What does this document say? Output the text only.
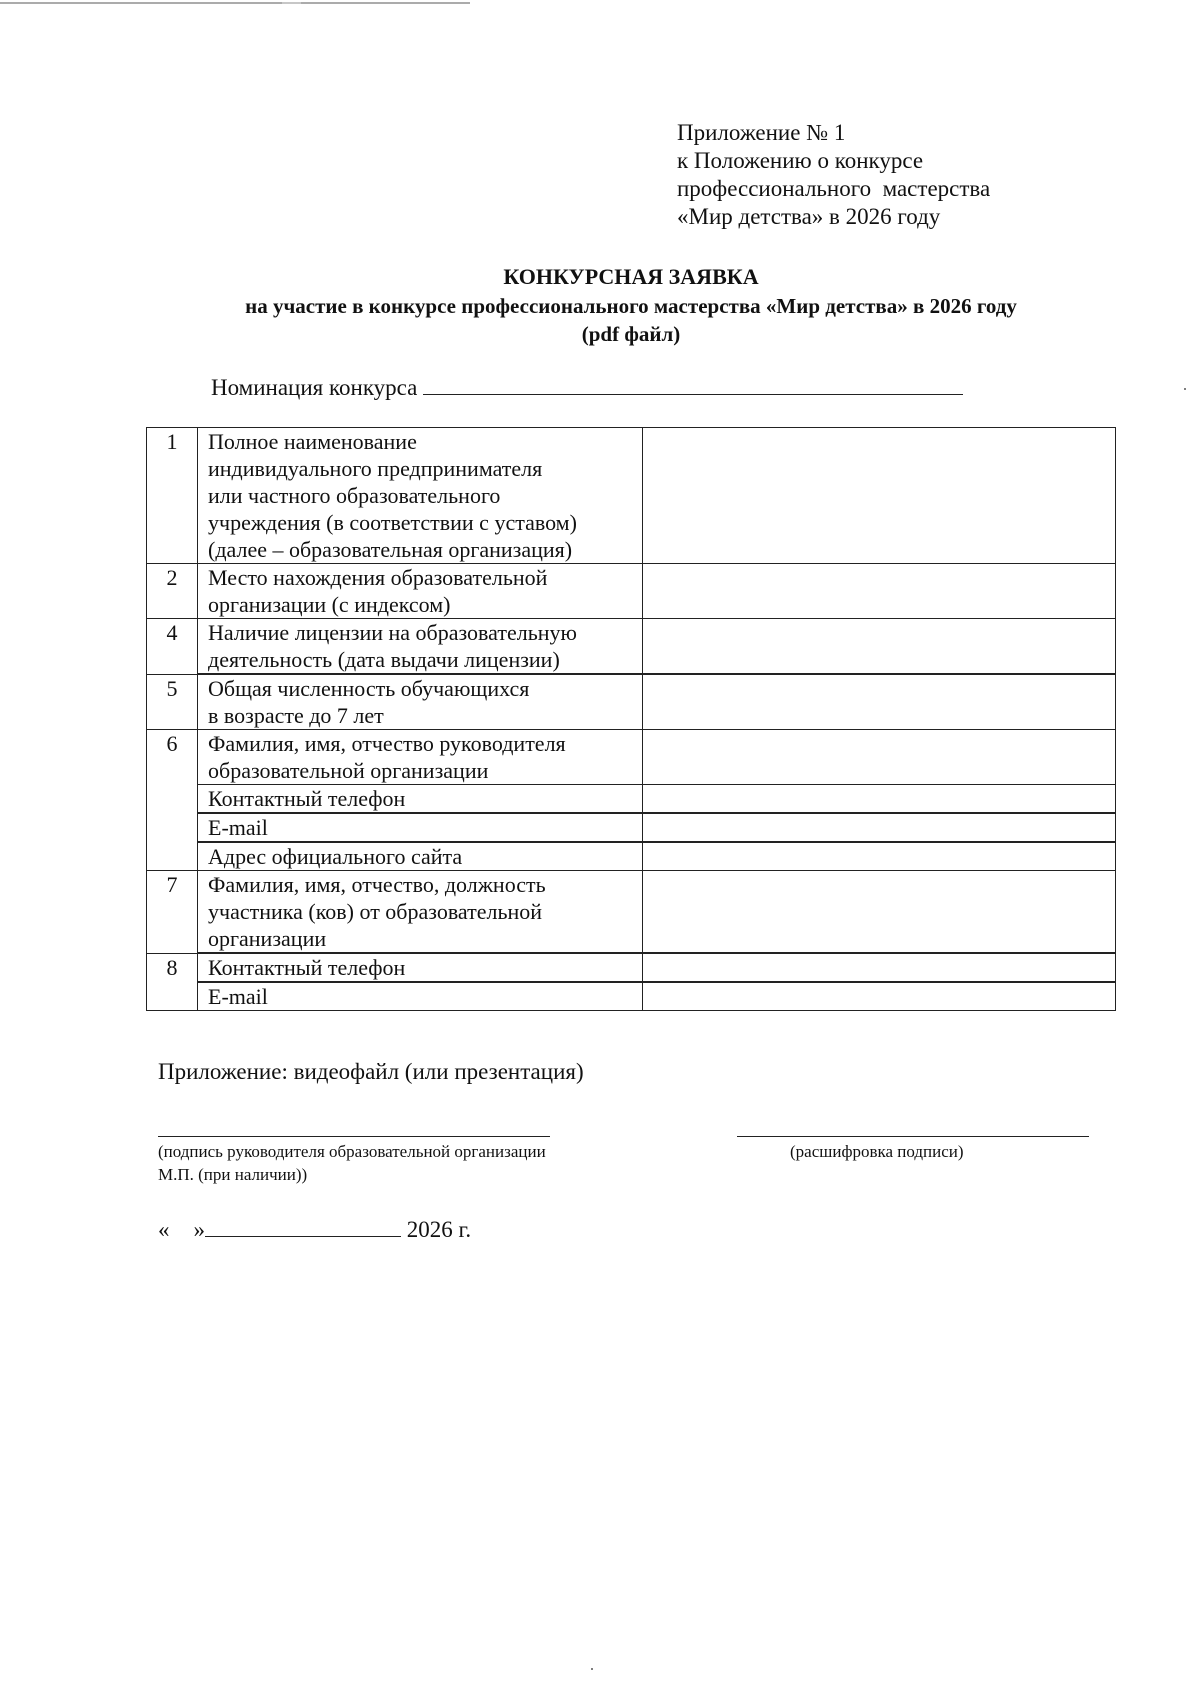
Приложение № 1
к Положению о конкурсе
профессионального  мастерства
«Мир детства» в 2026 году
КОНКУРСНАЯ ЗАЯВКА
на участие в конкурсе профессионального мастерства «Мир детства» в 2026 году
(pdf файл)
Номинация конкурса
1	Полное наименование
индивидуального предпринимателя
или частного образовательного
учреждения (в соответствии с уставом)
(далее – образовательная организация)	

2	Место нахождения образовательной
организации (с индексом)	

4	Наличие лицензии на образовательную
деятельность (дата выдачи лицензии)	

5	Общая численность обучающихся
в возрасте до 7 лет	

6	Фамилия, имя, отчество руководителя
образовательной организации	

	Контактный телефон	
	E-mail	
	Адрес официального сайта	
7	Фамилия, имя, отчество, должность
участника (ков) от образовательной
организации	

8	Контактный телефон	
	E-mail	
Приложение: видеофайл (или презентация)
(подпись руководителя образовательной организации
М.П. (при наличии))
(расшифровка подписи)
« »	2026 г.
